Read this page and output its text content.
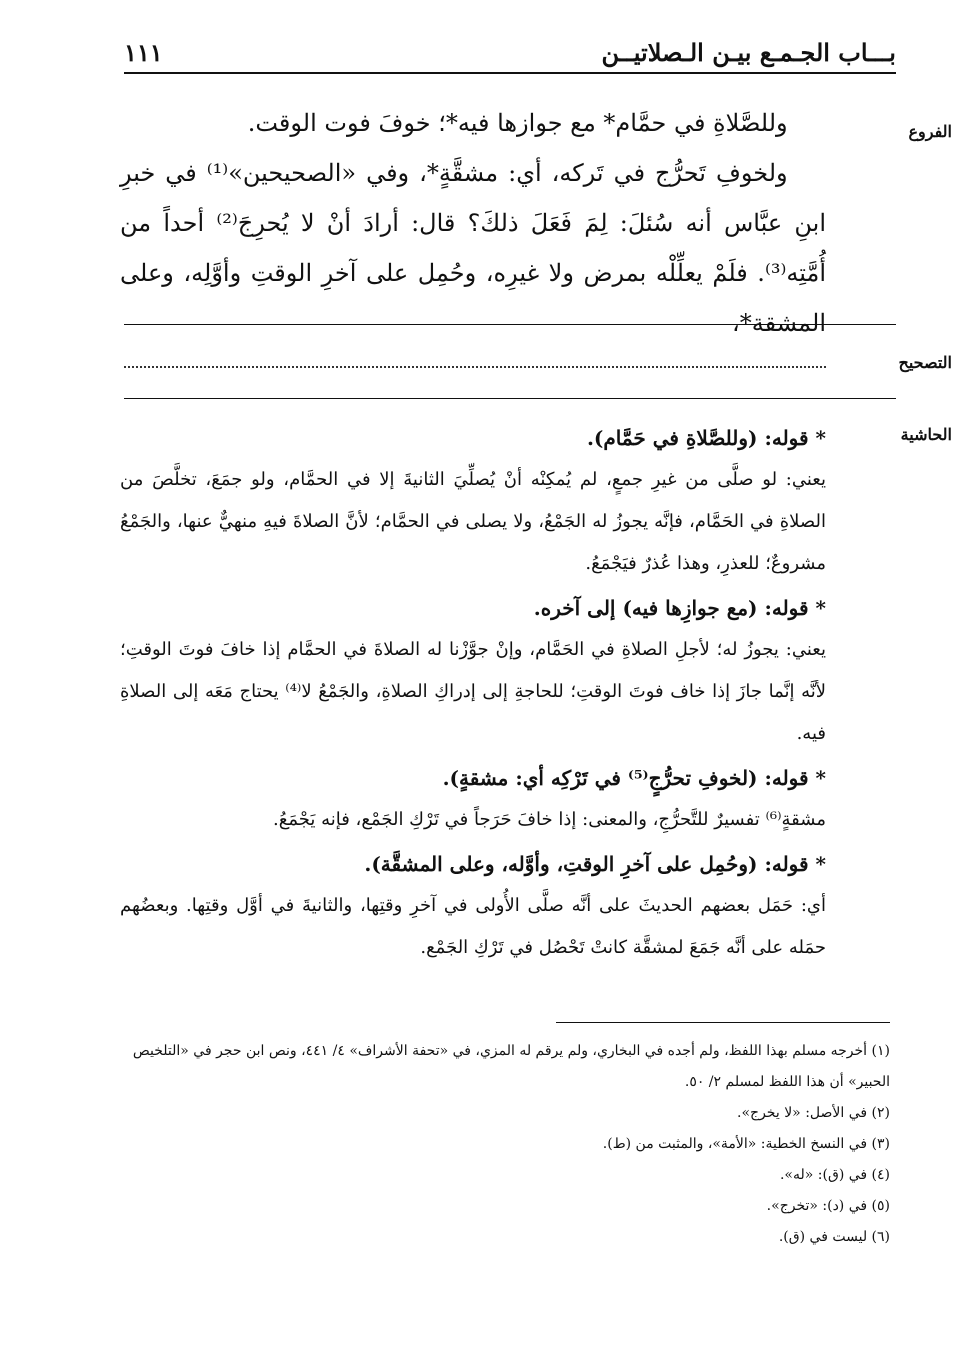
بـــاب الجـمـع بيـن الـصلاتيــن
١١١
الفروع

وللصَّلاةِ في حمَّام* مع جوازها فيه*؛ خوفَ فوت الوقت.

ولخوفِ تَحرُّج في تَركه، أي: مشقَّةٍ*، وفي «الصحيحين»⁽¹⁾ في خبرِ ابنِ عبَّاس أنه سُئلَ: لِمَ فَعَلَ ذلكَ؟ قال: أرادَ أنْ لا يُحرِجَ⁽²⁾ أحداً من أُمَّتِه⁽³⁾. فلَمْ يعلِّلْه بمرض ولا غيرِه، وحُمِل على آخرِ الوقتِ وأوَّلِه، وعلى المشقة*،

التصحيح
الحاشية

* قوله: (وللصَّلاةِ في حَمَّام).

يعني: لو صلَّى من غيرِ جمعٍ، لم يُمكِنْه أنْ يُصلِّيَ الثانيةَ إلا في الحمَّام، ولو جمَعَ، تخلَّصَ من الصلاةِ في الحَمَّام، فإنَّه يجوزُ له الجَمْعُ، ولا يصلى في الحمَّام؛ لأنَّ الصلاةَ فيهِ منهيٌّ عنها، والجَمْعُ مشروعٌ؛ للعذرِ، وهذا عُذرٌ فيَجْمَعُ.

* قوله: (مع جوازِها فيه) إلى آخره.

يعني: يجوزُ له؛ لأجلِ الصلاةِ في الحَمَّام، وإنْ جوَّزْنا له الصلاةَ في الحمَّام إذا خافَ فوتَ الوقتِ؛ لأنَّه إنَّما جازَ إذا خاف فوتَ الوقتِ؛ للحاجةِ إلى إدراكِ الصلاةِ، والجَمْعُ لا⁽⁴⁾ يحتاج مَعَه إلى الصلاةِ فيه.

* قوله: (لخوفِ تحرُّجٍ⁽⁵⁾ في تَرْكِه أي: مشقةٍ).

مشقةٍ⁽⁶⁾ تفسيرٌ للتَّحرُّجِ، والمعنى: إذا خافَ حَرَجاً في تَرْكِ الجَمْع، فإنه يَجْمَعُ.

* قوله: (وحُمِل على آخرِ الوقتِ، وأوَّله، وعلى المشقَّة).

أي: حَمَل بعضهم الحديثَ على أنَّه صلَّى الأُولى في آخرِ وقتِها، والثانيةَ في أوَّل وقتِها. وبعضُهم حمَله على أنَّه جَمَعَ لمشقَّة كانتْ تَحْصُل في تَرْكِ الجَمْع.

(١) أخرجه مسلم بهذا اللفظ، ولم أجده في البخاري، ولم يرقم له المزي، في «تحفة الأشراف» ٤/ ٤٤١، ونص ابن حجر في «التلخيص الحبير» أن هذا اللفظ لمسلم ٢/ ٥٠.

(٢) في الأصل: «لا يخرج».

(٣) في النسخ الخطية: «الأمة»، والمثبت من (ط).

(٤) في (ق): «له».

(٥) في (د): «تخرج».

(٦) ليست في (ق).
